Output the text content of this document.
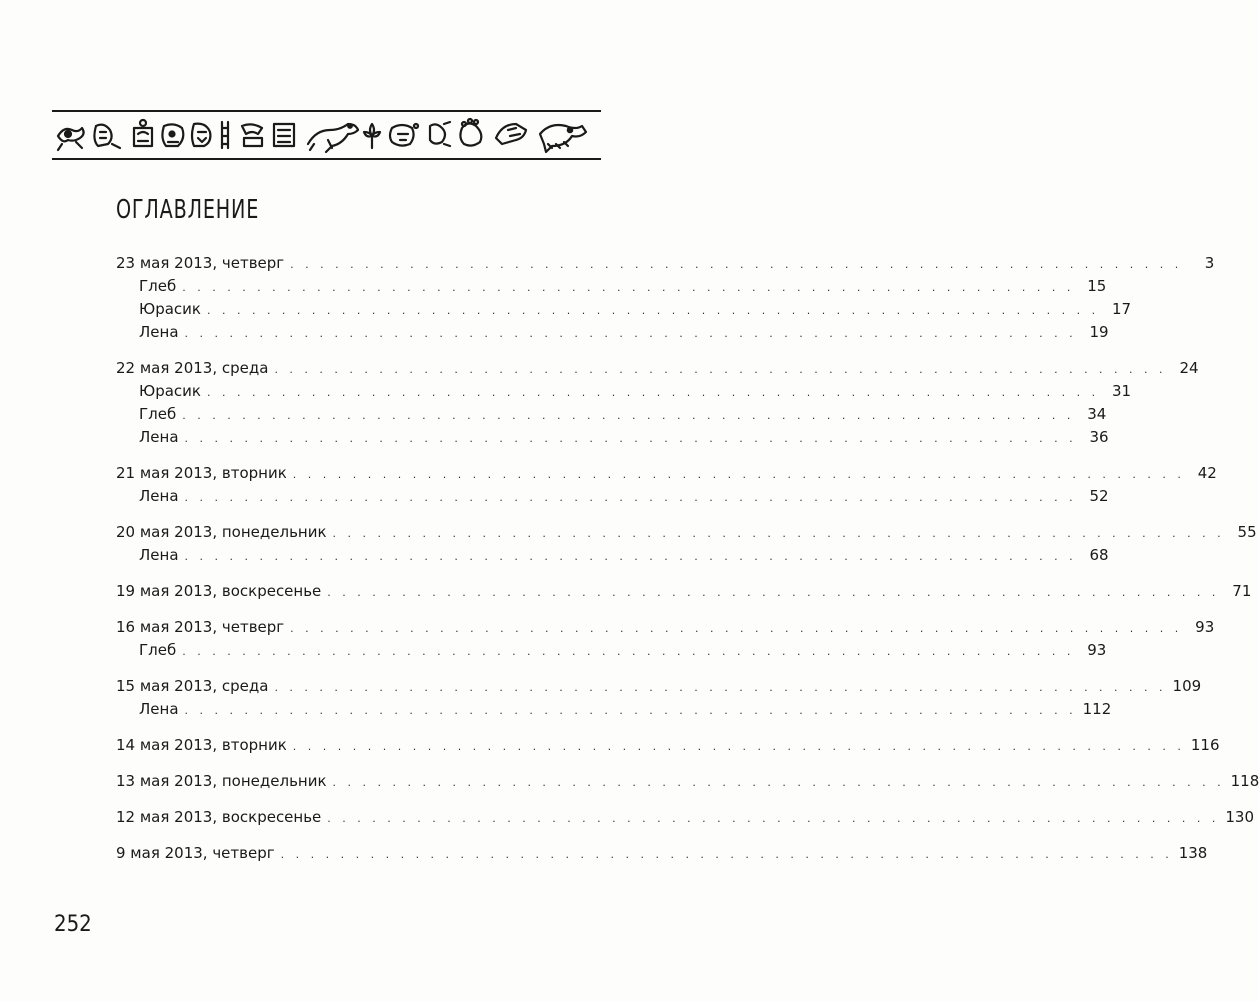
ОГЛАВЛЕНИЕ
23 мая 2013, четверг . . . . . . . . . . . . . . . . . . . . . . . . . . . . . . . . . . . . . . . . . . . . . . . . . . . . . . . . . . . .	3
Глеб . . . . . . . . . . . . . . . . . . . . . . . . . . . . . . . . . . . . . . . . . . . . . . . . . . . . . . . . . . . . 15
Юрасик . . . . . . . . . . . . . . . . . . . . . . . . . . . . . . . . . . . . . . . . . . . . . . . . . . . . . . . . . . . . 17
Лена . . . . . . . . . . . . . . . . . . . . . . . . . . . . . . . . . . . . . . . . . . . . . . . . . . . . . . . . . . . . 19
22 мая 2013, среда . . . . . . . . . . . . . . . . . . . . . . . . . . . . . . . . . . . . . . . . . . . . . . . . . . . . . . . . . . . . 24
Юрасик . . . . . . . . . . . . . . . . . . . . . . . . . . . . . . . . . . . . . . . . . . . . . . . . . . . . . . . . . . . . 31
Глеб . . . . . . . . . . . . . . . . . . . . . . . . . . . . . . . . . . . . . . . . . . . . . . . . . . . . . . . . . . . . 34
Лена . . . . . . . . . . . . . . . . . . . . . . . . . . . . . . . . . . . . . . . . . . . . . . . . . . . . . . . . . . . . 36
21 мая 2013, вторник . . . . . . . . . . . . . . . . . . . . . . . . . . . . . . . . . . . . . . . . . . . . . . . . . . . . . . . . . . . . 42
Лена . . . . . . . . . . . . . . . . . . . . . . . . . . . . . . . . . . . . . . . . . . . . . . . . . . . . . . . . . . . . 52
20 мая 2013, понедельник . . . . . . . . . . . . . . . . . . . . . . . . . . . . . . . . . . . . . . . . . . . . . . . . . . . . . . . . . . . . 55
Лена . . . . . . . . . . . . . . . . . . . . . . . . . . . . . . . . . . . . . . . . . . . . . . . . . . . . . . . . . . . . 68
19 мая 2013, воскресенье . . . . . . . . . . . . . . . . . . . . . . . . . . . . . . . . . . . . . . . . . . . . . . . . . . . . . . . . . . . . 71
16 мая 2013, четверг . . . . . . . . . . . . . . . . . . . . . . . . . . . . . . . . . . . . . . . . . . . . . . . . . . . . . . . . . . . . 93
Глеб . . . . . . . . . . . . . . . . . . . . . . . . . . . . . . . . . . . . . . . . . . . . . . . . . . . . . . . . . . . . 93
15 мая 2013, среда . . . . . . . . . . . . . . . . . . . . . . . . . . . . . . . . . . . . . . . . . . . . . . . . . . . . . . . . . . . . 109
Лена . . . . . . . . . . . . . . . . . . . . . . . . . . . . . . . . . . . . . . . . . . . . . . . . . . . . . . . . . . . . 112
14 мая 2013, вторник . . . . . . . . . . . . . . . . . . . . . . . . . . . . . . . . . . . . . . . . . . . . . . . . . . . . . . . . . . . . 116
13 мая 2013, понедельник . . . . . . . . . . . . . . . . . . . . . . . . . . . . . . . . . . . . . . . . . . . . . . . . . . . . . . . . . . . . 118
12 мая 2013, воскресенье . . . . . . . . . . . . . . . . . . . . . . . . . . . . . . . . . . . . . . . . . . . . . . . . . . . . . . . . . . . . 130
9 мая 2013, четверг . . . . . . . . . . . . . . . . . . . . . . . . . . . . . . . . . . . . . . . . . . . . . . . . . . . . . . . . . . . . 138
252
